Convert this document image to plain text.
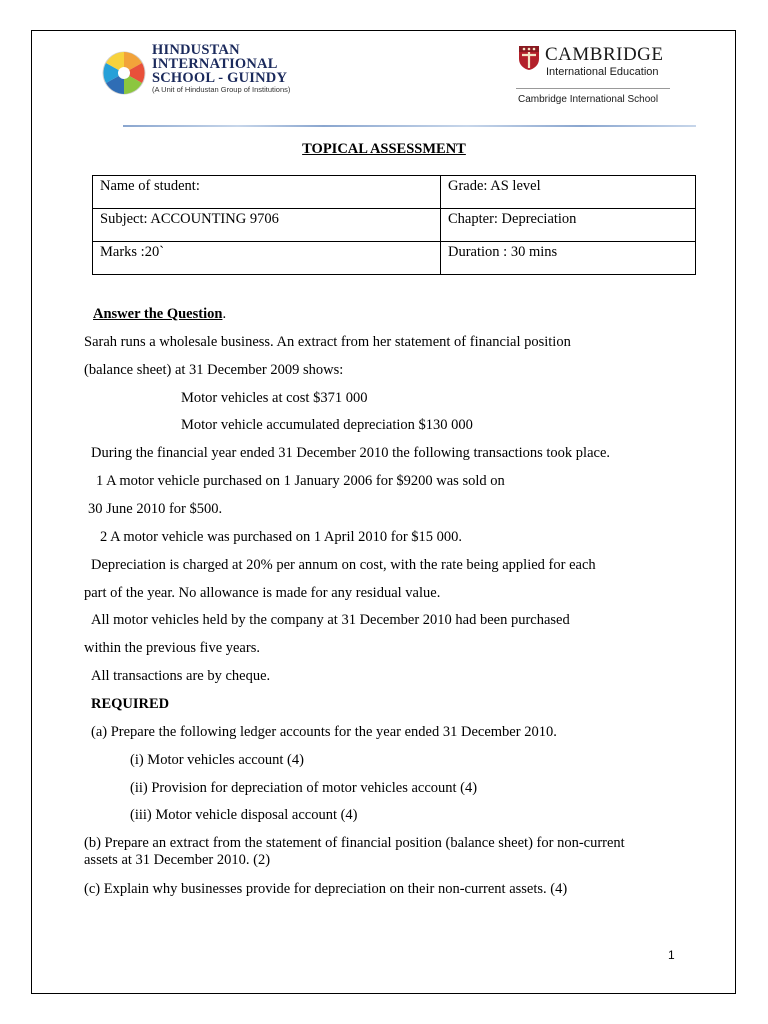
HINDUSTAN
INTERNATIONAL
SCHOOL - GUINDY
(A Unit of Hindustan Group of Institutions)
CAMBRIDGE
International Education
Cambridge International School
TOPICAL ASSESSMENT
Name of student:	Grade: AS level
Subject: ACCOUNTING 9706	Chapter: Depreciation
Marks :20`	Duration : 30 mins
Answer the Question.
Sarah runs a wholesale business. An extract from her statement of financial position
(balance sheet) at 31 December 2009 shows:
Motor vehicles at cost $371 000
Motor vehicle accumulated depreciation $130 000
During the financial year ended 31 December 2010 the following transactions took place.
1 A motor vehicle purchased on 1 January 2006 for $9200 was sold on
30 June 2010 for $500.
2 A motor vehicle was purchased on 1 April 2010 for $15 000.
Depreciation is charged at 20% per annum on cost, with the rate being applied for each
part of the year. No allowance is made for any residual value.
All motor vehicles held by the company at 31 December 2010 had been purchased
within the previous five years.
All transactions are by cheque.
REQUIRED
(a) Prepare the following ledger accounts for the year ended 31 December 2010.
(i) Motor vehicles account (4)
(ii) Provision for depreciation of motor vehicles account (4)
(iii) Motor vehicle disposal account (4)
(b) Prepare an extract from the statement of financial position (balance sheet) for non-current
assets at 31 December 2010. (2)
(c) Explain why businesses provide for depreciation on their non-current assets. (4)
1
